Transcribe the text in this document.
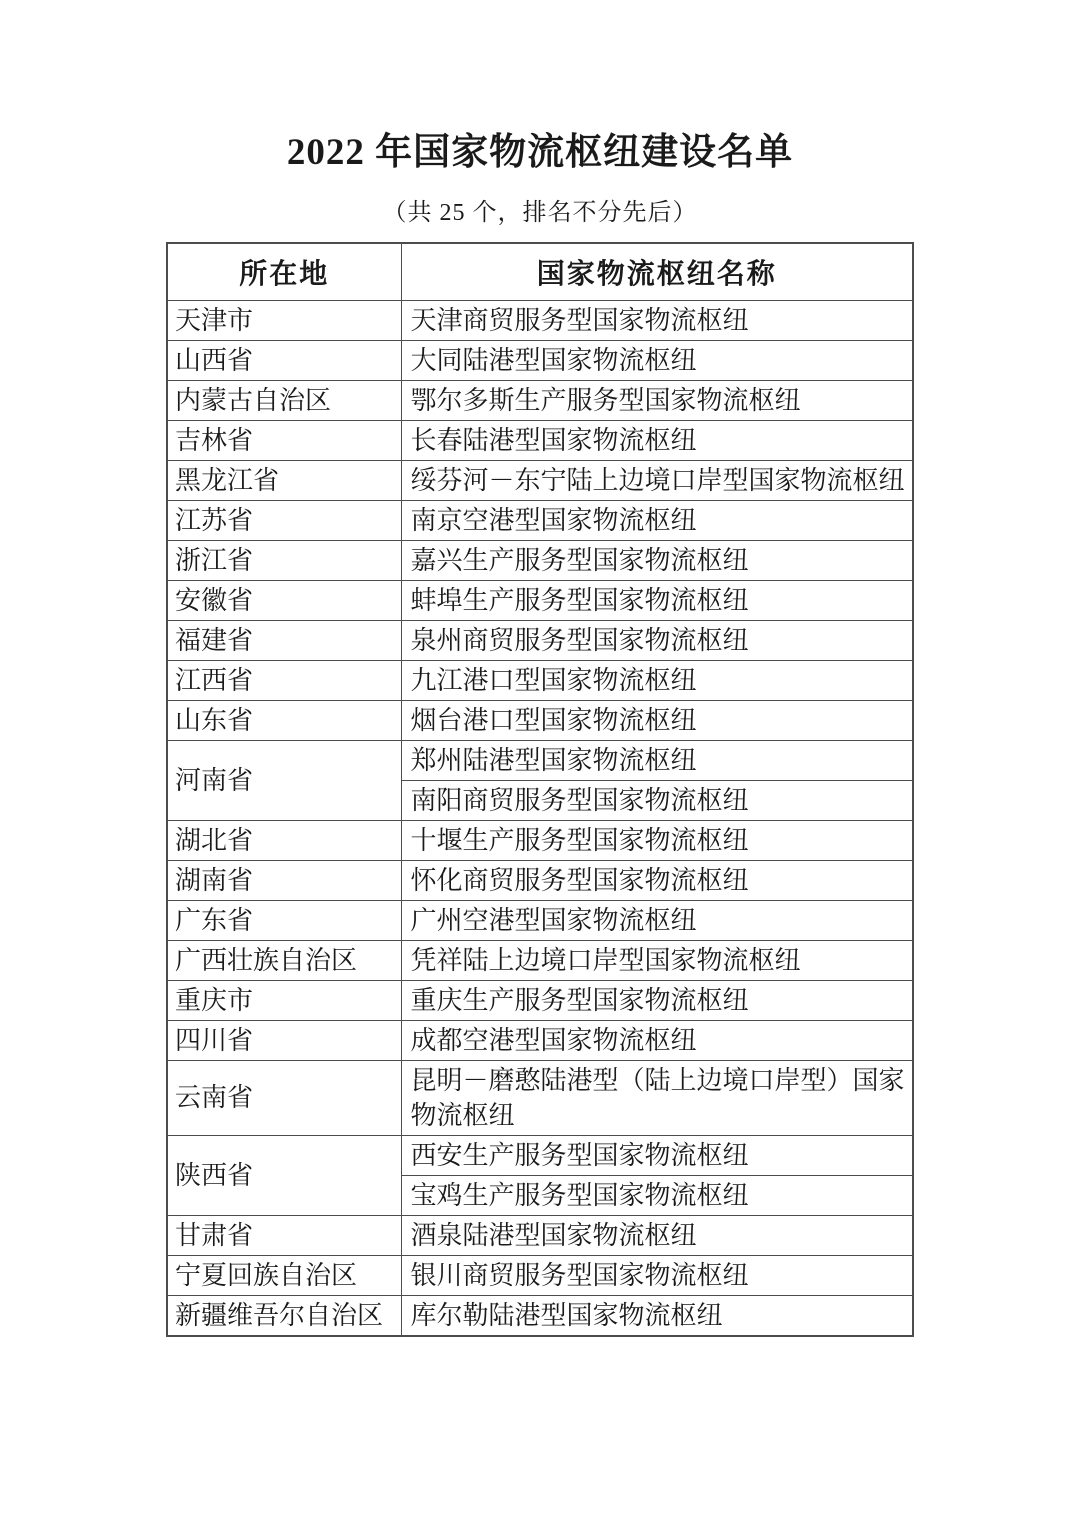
2022 年国家物流枢纽建设名单

（共 25 个，排名不分先后）

所在地	国家物流枢纽名称
天津市	天津商贸服务型国家物流枢纽
山西省	大同陆港型国家物流枢纽
内蒙古自治区	鄂尔多斯生产服务型国家物流枢纽
吉林省	长春陆港型国家物流枢纽
黑龙江省	绥芬河－东宁陆上边境口岸型国家物流枢纽
江苏省	南京空港型国家物流枢纽
浙江省	嘉兴生产服务型国家物流枢纽
安徽省	蚌埠生产服务型国家物流枢纽
福建省	泉州商贸服务型国家物流枢纽
江西省	九江港口型国家物流枢纽
山东省	烟台港口型国家物流枢纽
河南省	郑州陆港型国家物流枢纽
	南阳商贸服务型国家物流枢纽
湖北省	十堰生产服务型国家物流枢纽
湖南省	怀化商贸服务型国家物流枢纽
广东省	广州空港型国家物流枢纽
广西壮族自治区	凭祥陆上边境口岸型国家物流枢纽
重庆市	重庆生产服务型国家物流枢纽
四川省	成都空港型国家物流枢纽
云南省	昆明－磨憨陆港型（陆上边境口岸型）国家物流枢纽
陕西省	西安生产服务型国家物流枢纽
	宝鸡生产服务型国家物流枢纽
甘肃省	酒泉陆港型国家物流枢纽
宁夏回族自治区	银川商贸服务型国家物流枢纽
新疆维吾尔自治区	库尔勒陆港型国家物流枢纽
